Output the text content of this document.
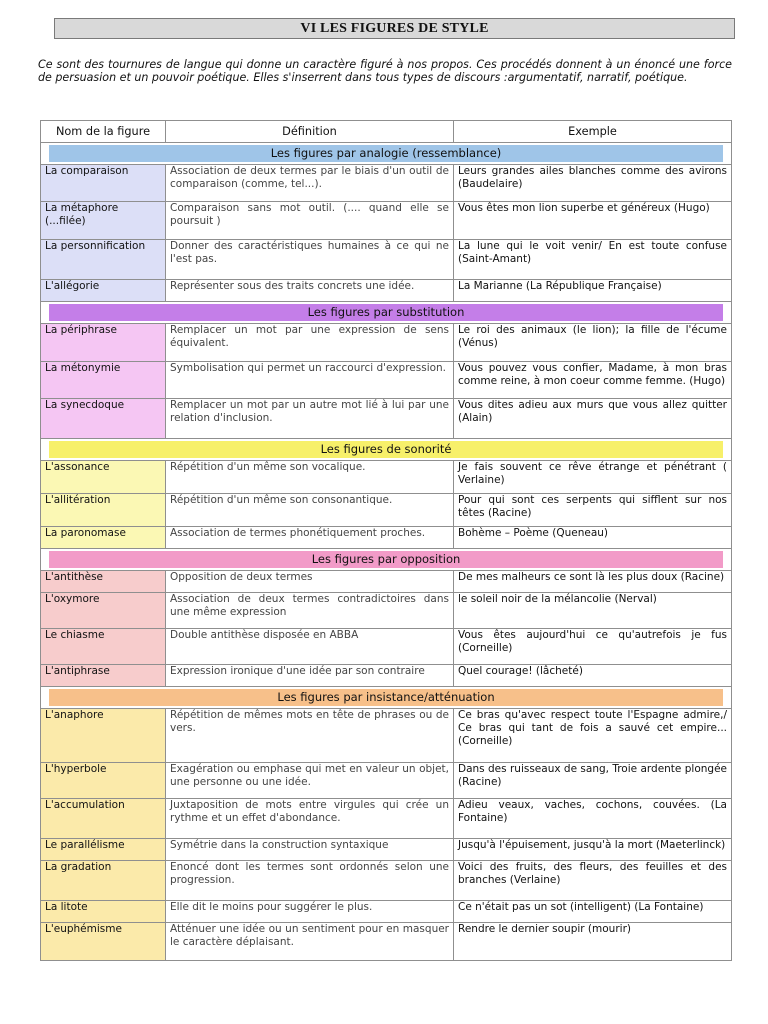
VI LES FIGURES DE STYLE
Ce sont des tournures de langue qui donne un caractère figuré à nos propos. Ces procédés donnent à un énoncé une force de persuasion et un pouvoir poétique. Elles s'inserrent dans tous types de discours :argumentatif, narratif, poétique.
Nom de la figure	Définition	Exemple

Les figures par analogie (ressemblance)		

La comparaison	Association de deux termes par le biais d'un outil de comparaison (comme, tel...).	Leurs grandes ailes blanches comme des avirons (Baudelaire)
La métaphore (...filée)	Comparaison sans mot outil. (.... quand elle se poursuit )	Vous êtes mon lion superbe et généreux (Hugo)
La personnification	Donner des caractéristiques humaines à ce qui ne l'est pas.	La lune qui le voit venir/ En est toute confuse (Saint-Amant)
L'allégorie	Représenter sous des traits concrets une idée.	La Marianne (La République Française)

Les figures par substitution		

La périphrase	Remplacer un mot par une expression de sens équivalent.	Le roi des animaux (le lion); la fille de l'écume (Vénus)
La métonymie	Symbolisation qui permet un raccourci d'expression.	Vous pouvez vous confier, Madame, à mon bras comme reine, à mon coeur comme femme. (Hugo)
La synecdoque	Remplacer un mot par un autre mot lié à lui par une relation d'inclusion.	Vous dites adieu aux murs que vous allez quitter (Alain)

Les figures de sonorité		

L'assonance	Répétition d'un même son vocalique.	Je fais souvent ce rêve étrange et pénétrant ( Verlaine)
L'allitération	Répétition d'un même son consonantique.	Pour qui sont ces serpents qui sifflent sur nos têtes (Racine)
La paronomase	Association de termes phonétiquement proches.	Bohème – Poème (Queneau)

Les figures par opposition		

L'antithèse	Opposition de deux termes	De mes malheurs ce sont là les plus doux (Racine)
L'oxymore	Association de deux termes contradictoires dans une même expression	le soleil noir de la mélancolie (Nerval)
Le chiasme	Double antithèse disposée en ABBA	Vous êtes aujourd'hui ce qu'autrefois je fus (Corneille)
L'antiphrase	Expression ironique d'une idée par son contraire	Quel courage! (lâcheté)

Les figures par insistance/atténuation		

L'anaphore	Répétition de mêmes mots en tête de phrases ou de vers.	Ce bras qu'avec respect toute l'Espagne admire,/ Ce bras qui tant de fois a sauvé cet empire... (Corneille)
L'hyperbole	Exagération ou emphase qui met en valeur un objet, une personne ou une idée.	Dans des ruisseaux de sang, Troie ardente plongée (Racine)
L'accumulation	Juxtaposition de mots entre virgules qui crée un rythme et un effet d'abondance.	Adieu veaux, vaches, cochons, couvées. (La Fontaine)
Le parallélisme	Symétrie dans la construction syntaxique	Jusqu'à l'épuisement, jusqu'à la mort (Maeterlinck)
La gradation	Enoncé dont les termes sont ordonnés selon une progression.	Voici des fruits, des fleurs, des feuilles et des branches (Verlaine)
La litote	Elle dit le moins pour suggérer le plus.	Ce n'était pas un sot (intelligent) (La Fontaine)
L'euphémisme	Atténuer une idée ou un sentiment pour en masquer le caractère déplaisant.	Rendre le dernier soupir (mourir)
